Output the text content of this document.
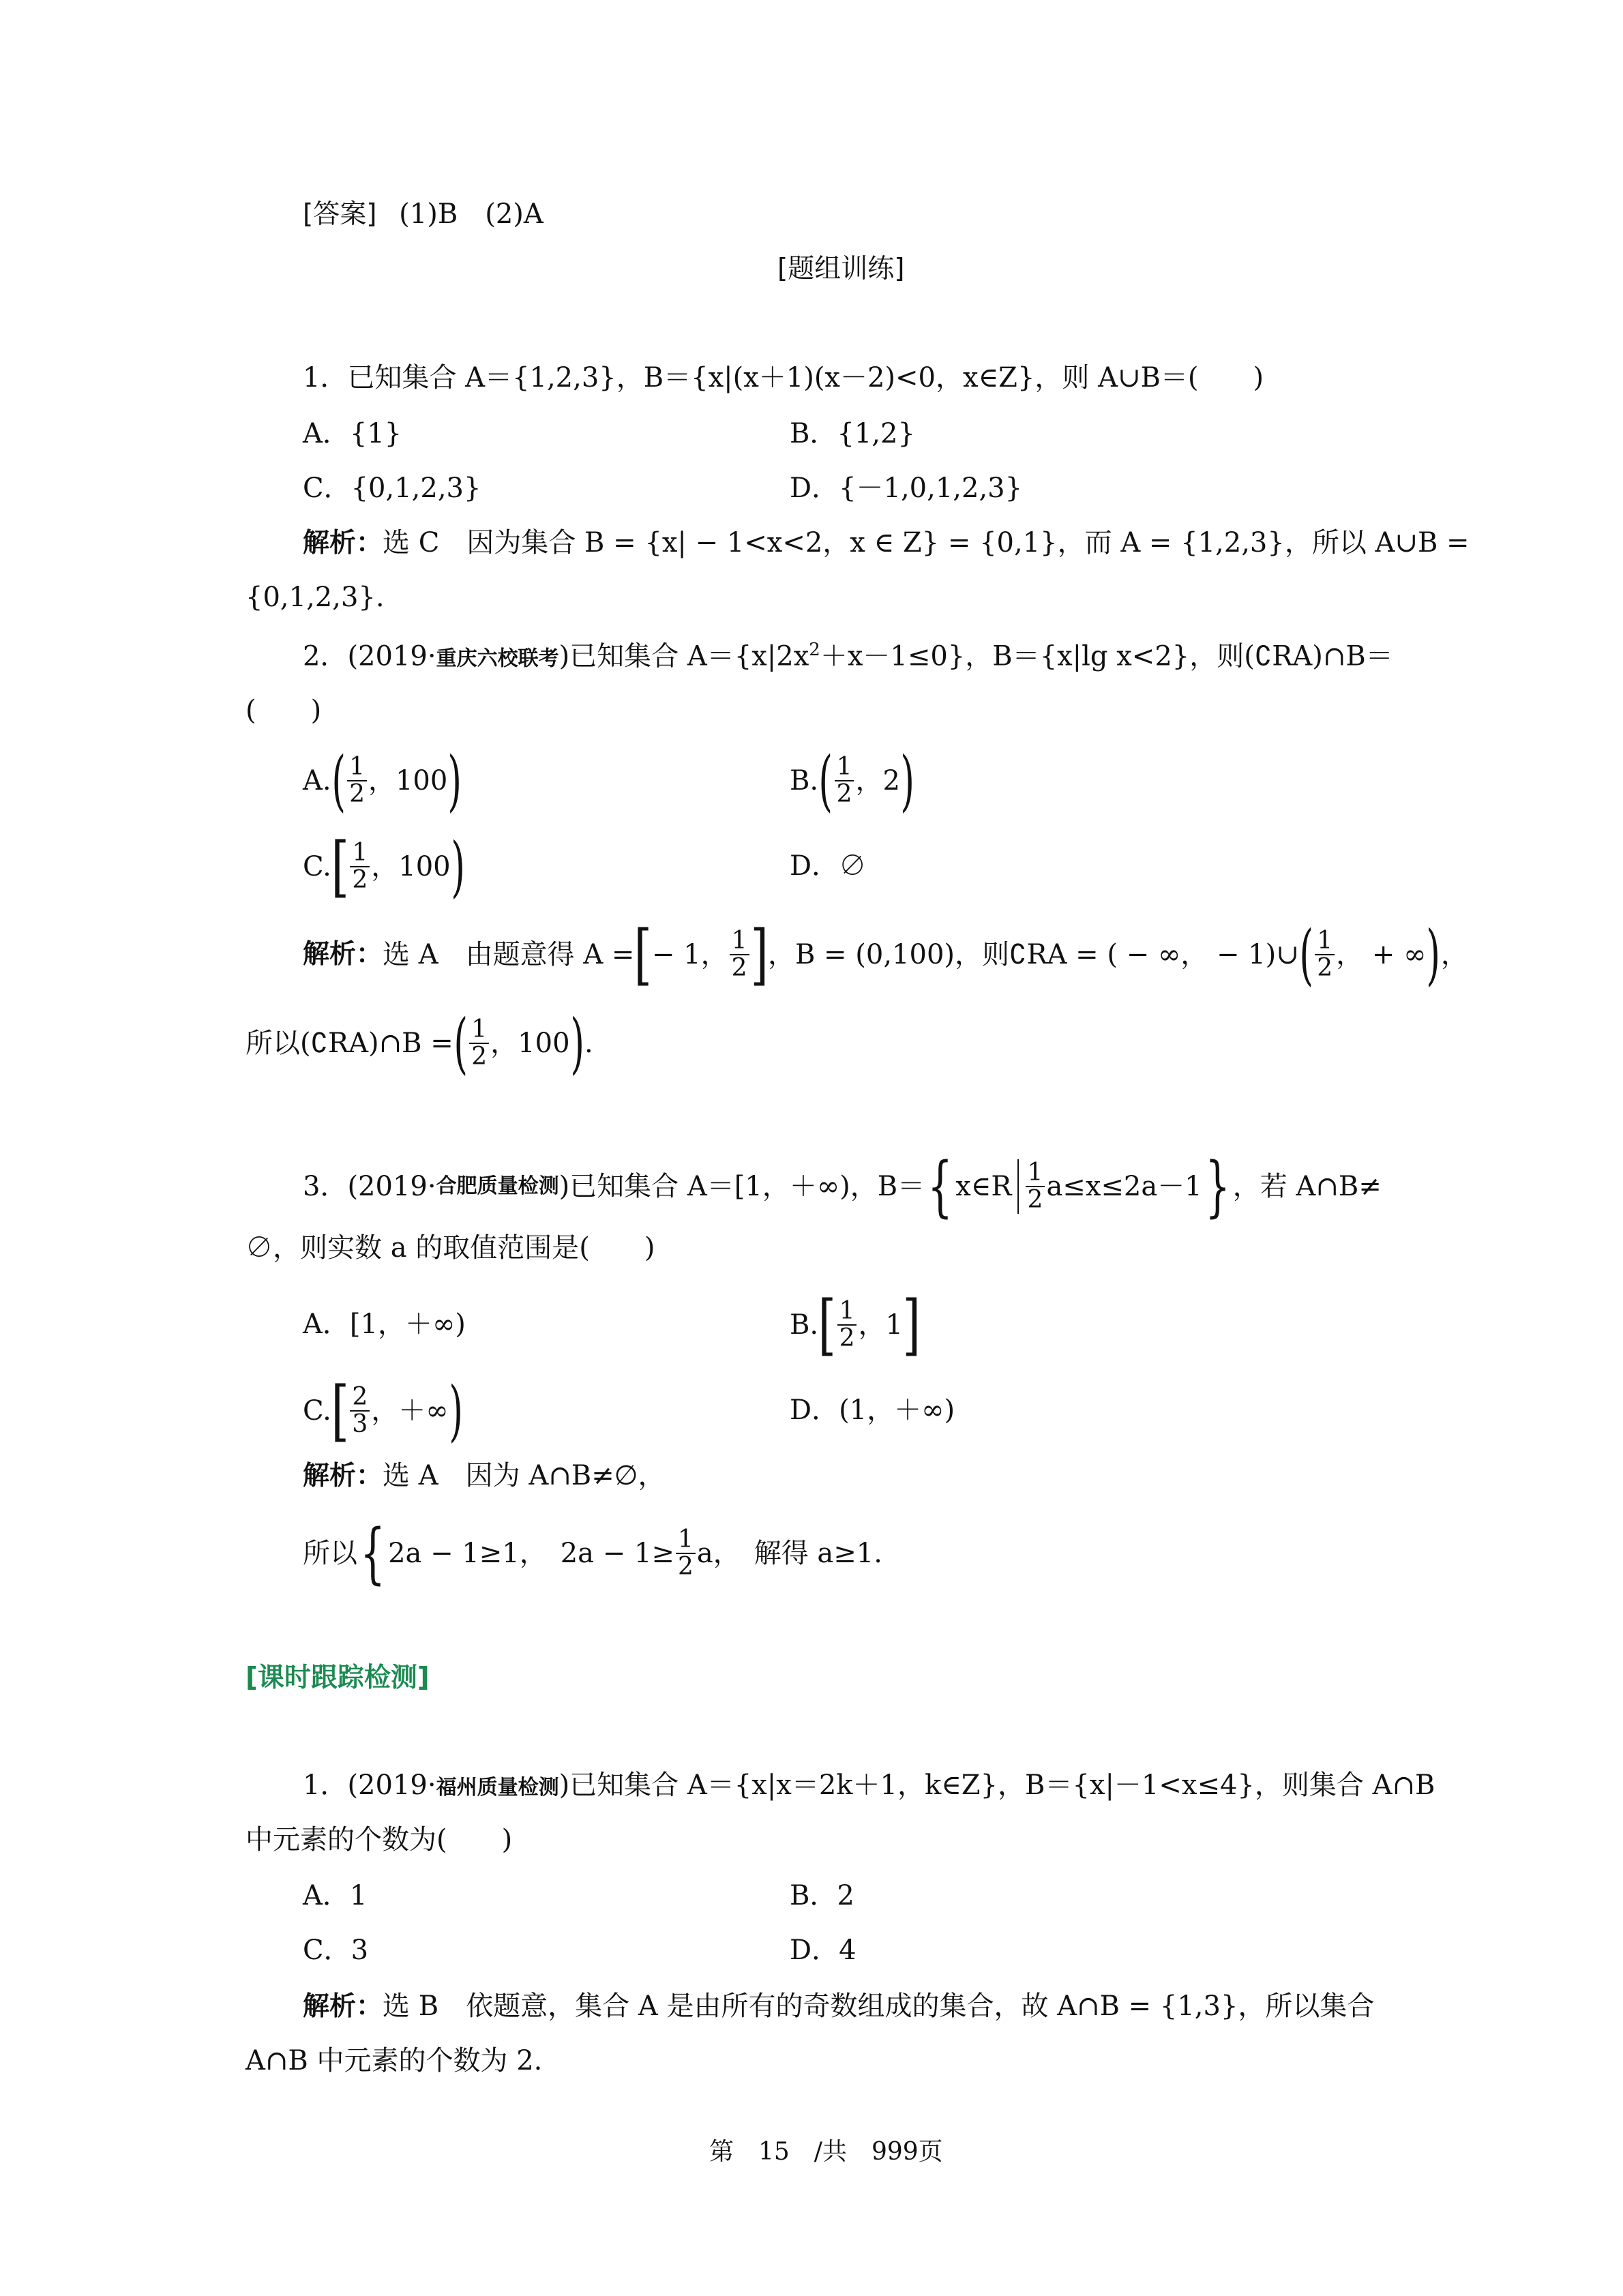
[答案] (1)B　(2)A
[题组训练]
1．已知集合 A＝{1,2,3}，B＝{x|(x＋1)(x－2)<0，x∈Z}，则 A∪B＝(　　)
A．{1}	B．{1,2}
C．{0,1,2,3}	D．{－1,0,1,2,3}
解析：选 C　因为集合 B = {x| − 1<x<2，x ∈ Z} = {0,1}，而 A = {1,2,3}，所以 A∪B =
{0,1,2,3}.
2．(2019·重庆六校联考)已知集合 $A=\{x|2x^2+x-1\le 0\}$，B＝{x|lg x<2}，则(∁RA)∩B＝
(　　)
A. ( $\frac{1}{2}$ ，100 )	B. ( $\frac{1}{2}$ ，2 )
C. [ $\frac{1}{2}$ ，100 )	D．∅
解析： 选 A　由题意得 A = [ − 1， $\frac{1}{2}$ ] ，B = (0,100)，则∁RA = ( − ∞， − 1)∪ ( $\frac{1}{2}$ ， + ∞ ) ，
所以(∁RA)∩B = ( $\frac{1}{2}$ ，100 ) .
3．(2019· 合肥质量检测 )已知集合 A＝[1，＋∞)，B＝ { x∈R $\frac{1}{2} a\le x\le 2a-1$ } ，若 A∩B≠
∅，则实数 a 的取值范围是(　　)
A．[1，＋∞)	B. [ $\frac{1}{2}$ ，1 ]
C. [ $\frac{2}{3}$ ，＋∞ )	D．(1，＋∞)
解析：选 A　因为 A∩B≠∅，
所以 { 2a − 1≥1，　$2a - 1\ge \frac{1}{2}$ a，　解得 a≥1.
[课时跟踪检测]
1．(2019·福州质量检测)已知集合 A＝{x|x＝2k＋1，k∈Z}，B＝{x|－1<x≤4}，则集合 A∩B
中元素的个数为(　　)
A．1	B．2
C．3	D．4
解析：选 B　依题意，集合 A 是由所有的奇数组成的集合，故 A∩B = {1,3}，所以集合
A∩B 中元素的个数为 2.
第　15　/共　999页
